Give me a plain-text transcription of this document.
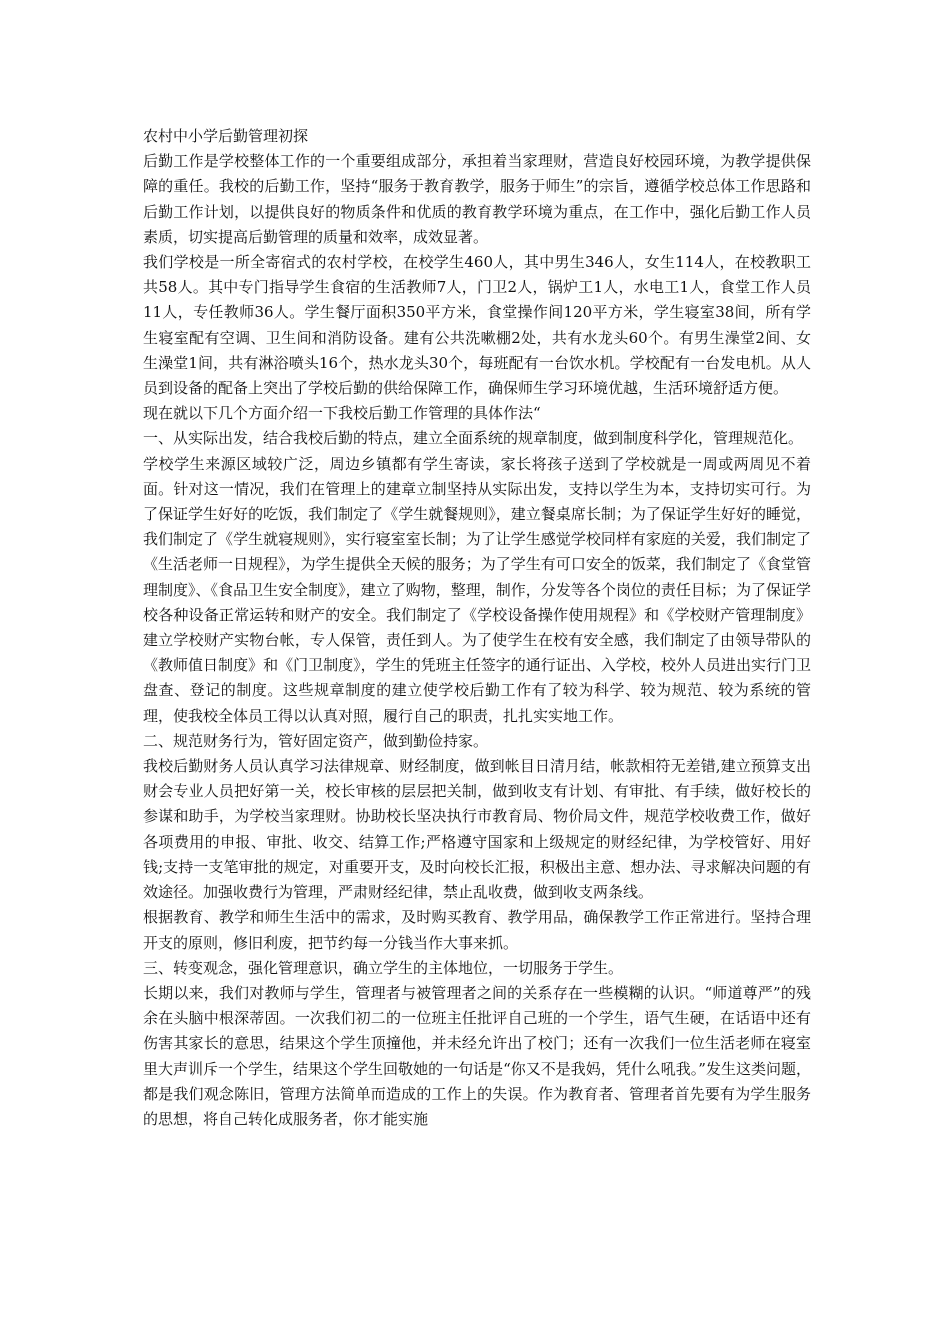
农村中小学后勤管理初探

后勤工作是学校整体工作的一个重要组成部分，承担着当家理财，营造良好校园环境，为教学提供保障的重任。我校的后勤工作，坚持“服务于教育教学，服务于师生”的宗旨，遵循学校总体工作思路和后勤工作计划，以提供良好的物质条件和优质的教育教学环境为重点，在工作中，强化后勤工作人员素质，切实提高后勤管理的质量和效率，成效显著。

我们学校是一所全寄宿式的农村学校，在校学生460人，其中男生346人，女生114人，在校教职工共58人。其中专门指导学生食宿的生活教师7人，门卫2人，锅炉工1人，水电工1人，食堂工作人员11人，专任教师36人。学生餐厅面积350平方米，食堂操作间120平方米，学生寝室38间，所有学生寝室配有空调、卫生间和消防设备。建有公共洗嗽棚2处，共有水龙头60个。有男生澡堂2间、女生澡堂1间，共有淋浴喷头16个，热水龙头30个，每班配有一台饮水机。学校配有一台发电机。从人员到设备的配备上突出了学校后勤的供给保障工作，确保师生学习环境优越，生活环境舒适方便。

现在就以下几个方面介绍一下我校后勤工作管理的具体作法“

一、从实际出发，结合我校后勤的特点，建立全面系统的规章制度，做到制度科学化，管理规范化。

学校学生来源区域较广泛，周边乡镇都有学生寄读，家长将孩子送到了学校就是一周或两周见不着面。针对这一情况，我们在管理上的建章立制坚持从实际出发，支持以学生为本，支持切实可行。为了保证学生好好的吃饭，我们制定了《学生就餐规则》，建立餐桌席长制；为了保证学生好好的睡觉，我们制定了《学生就寝规则》，实行寝室室长制；为了让学生感觉学校同样有家庭的关爱，我们制定了《生活老师一日规程》，为学生提供全天候的服务；为了学生有可口安全的饭菜，我们制定了《食堂管理制度》、《食品卫生安全制度》，建立了购物，整理，制作，分发等各个岗位的责任目标；为了保证学校各种设备正常运转和财产的安全。我们制定了《学校设备操作使用规程》和《学校财产管理制度》建立学校财产实物台帐，专人保管，责任到人。为了使学生在校有安全感，我们制定了由领导带队的《教师值日制度》和《门卫制度》，学生的凭班主任签字的通行证出、入学校，校外人员进出实行门卫盘查、登记的制度。这些规章制度的建立使学校后勤工作有了较为科学、较为规范、较为系统的管理，使我校全体员工得以认真对照，履行自己的职责，扎扎实实地工作。

二、规范财务行为，管好固定资产，做到勤俭持家。

我校后勤财务人员认真学习法律规章、财经制度，做到帐目日清月结，帐款相符无差错,建立预算支出财会专业人员把好第一关，校长审核的层层把关制，做到收支有计划、有审批、有手续，做好校长的参谋和助手，为学校当家理财。协助校长坚决执行市教育局、物价局文件，规范学校收费工作，做好各项费用的申报、审批、收交、结算工作;严格遵守国家和上级规定的财经纪律，为学校管好、用好钱;支持一支笔审批的规定，对重要开支，及时向校长汇报，积极出主意、想办法、寻求解决问题的有效途径。加强收费行为管理，严肃财经纪律，禁止乱收费，做到收支两条线。

根据教育、教学和师生生活中的需求，及时购买教育、教学用品，确保教学工作正常进行。坚持合理开支的原则，修旧利废，把节约每一分钱当作大事来抓。

三、转变观念，强化管理意识，确立学生的主体地位，一切服务于学生。

长期以来，我们对教师与学生，管理者与被管理者之间的关系存在一些模糊的认识。“师道尊严”的残余在头脑中根深蒂固。一次我们初二的一位班主任批评自己班的一个学生，语气生硬，在话语中还有伤害其家长的意思，结果这个学生顶撞他，并未经允许出了校门；还有一次我们一位生活老师在寝室里大声训斥一个学生，结果这个学生回敬她的一句话是“你又不是我妈，凭什么吼我。”发生这类问题，都是我们观念陈旧，管理方法简单而造成的工作上的失误。作为教育者、管理者首先要有为学生服务的思想，将自己转化成服务者，你才能实施
